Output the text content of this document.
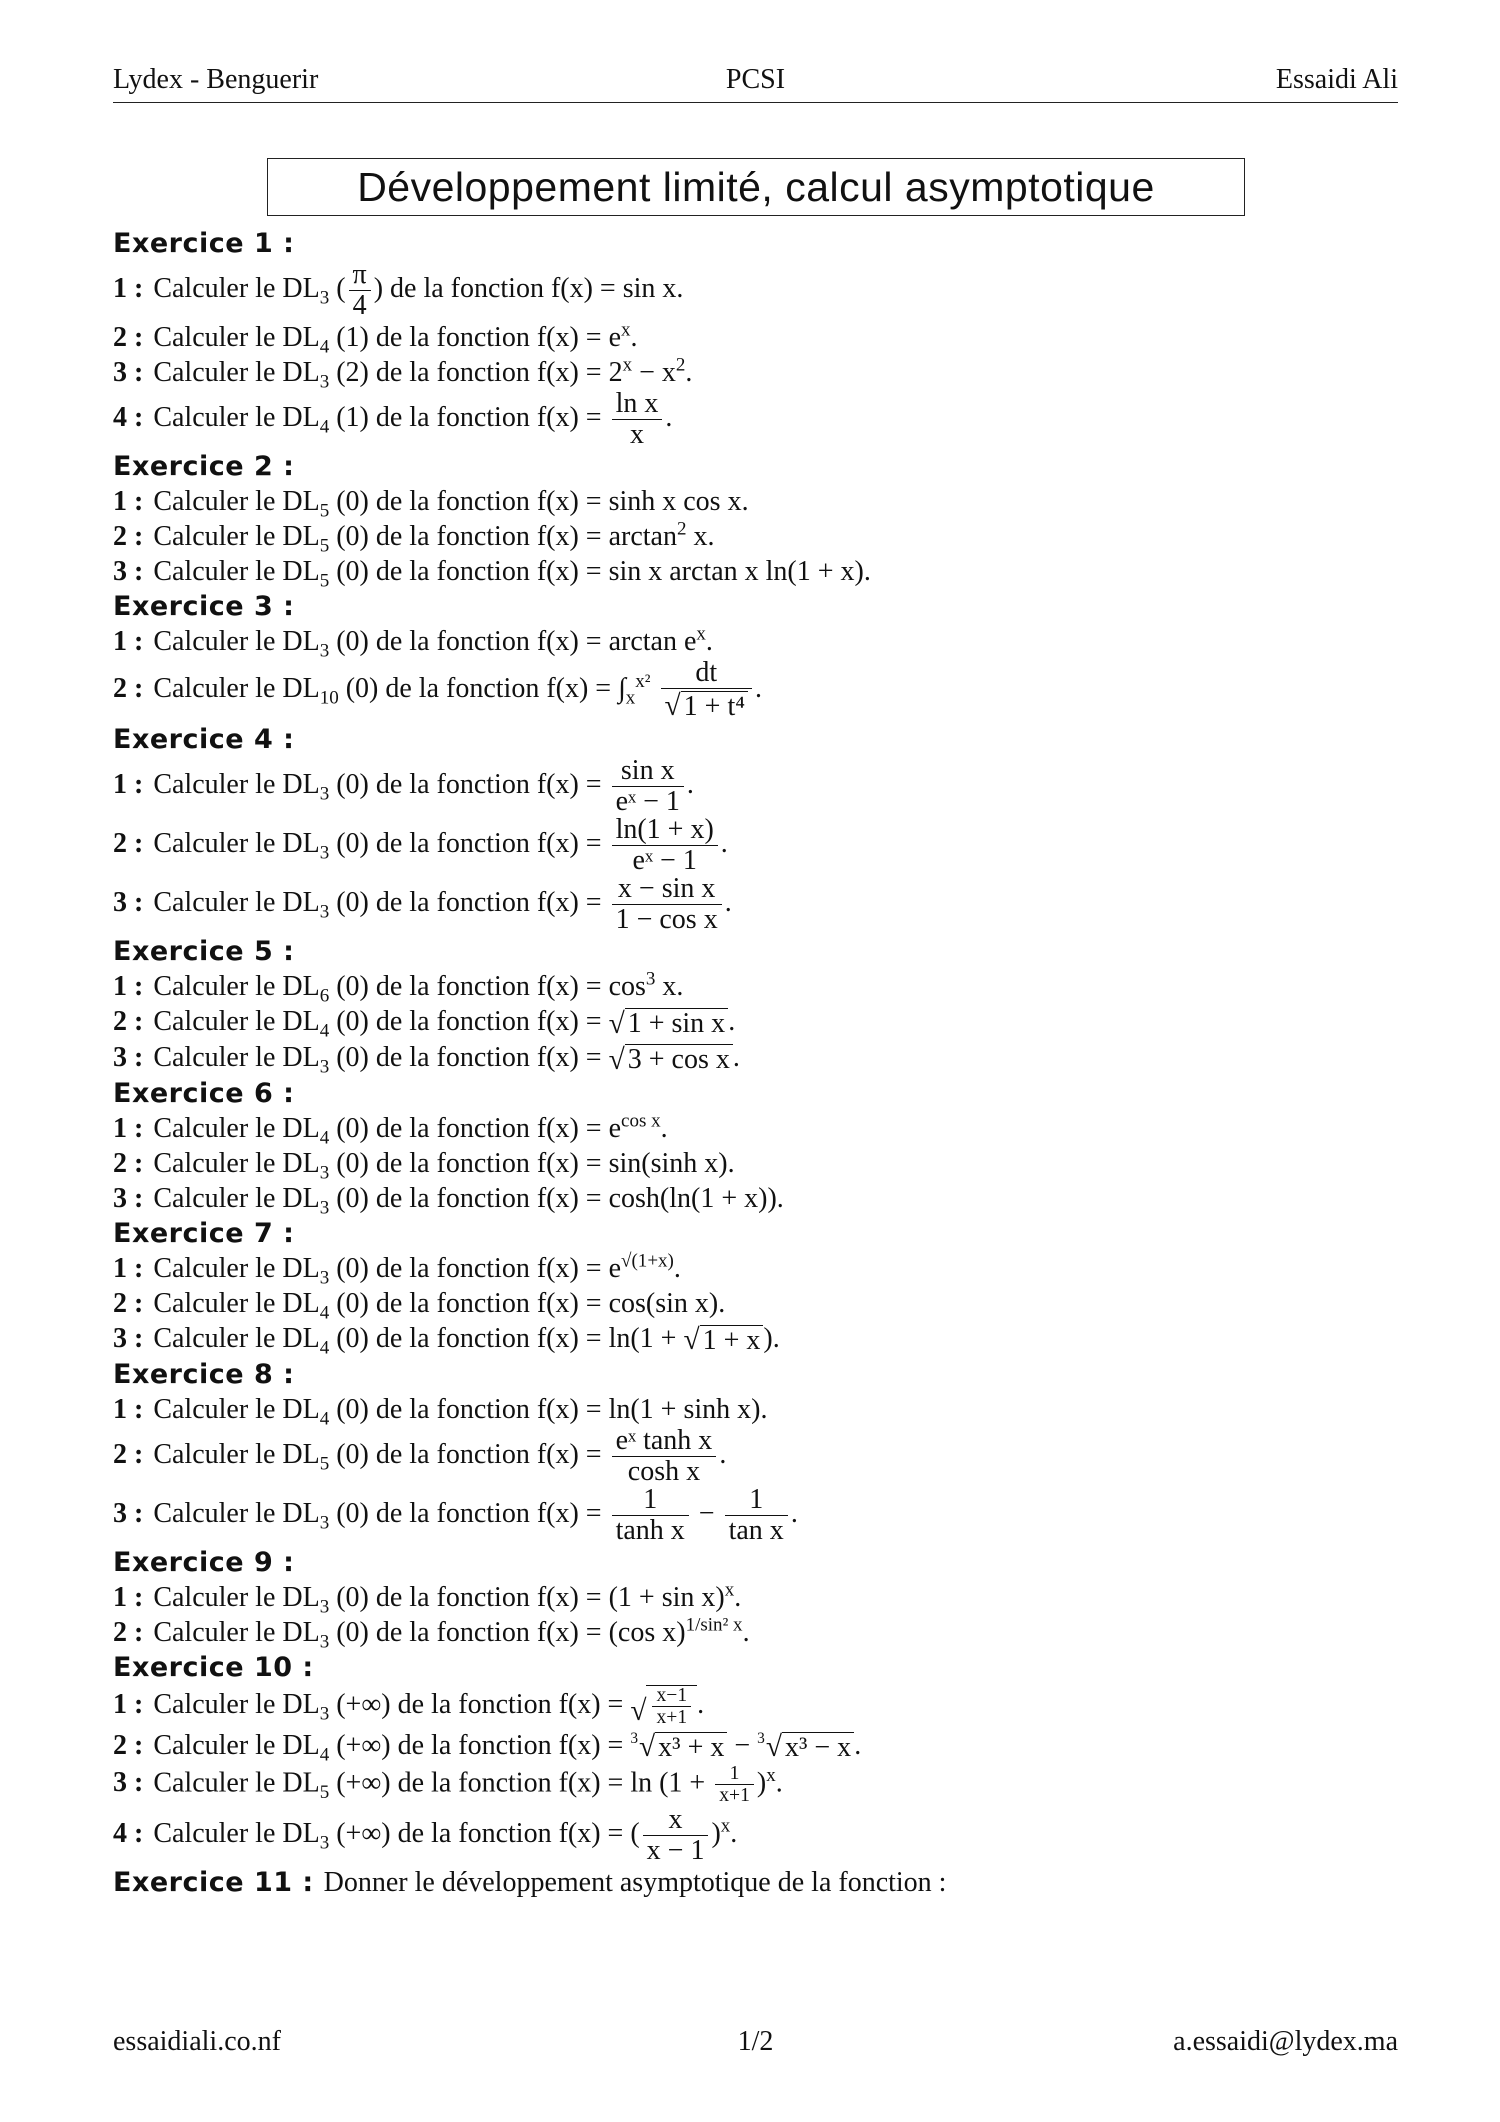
Lydex - Benguerir	PCSI	Essaidi Ali
Développement limité, calcul asymptotique
Exercice 1 :
1 : Calculer le $DL_3$ ( $\frac{\pi}{4}$ ) de la fonction f(x) = sin x.
2 : Calculer le $DL_4$ (1) de la fonction $f(x) = e^x$.
3 : Calculer le $DL_3$ (2) de la fonction $f(x) = 2^x - x^2$.
4 : Calculer le $DL_4$ (1) de la fonction $f(x) = \frac{\text{ln x}}{x}$ .
Exercice 2 :
1 : Calculer le $DL_5$ (0) de la fonction f(x) = sinh x cos x.
2 : Calculer le $DL_5$ (0) de la fonction $f(x) = \arctan^2 x$.
3 : Calculer le $DL_5$ (0) de la fonction f(x) = sin x arctan x ln(1 + x).
Exercice 3 :
1 : Calculer le $DL_3$ (0) de la fonction $f(x) = \arctan e^x$.
2 : Calculer le $DL_{10}$ (0) de la fonction $f(x) = \int_x^{x^2} \frac{dt}{\text{√ 1 + t⁴}}$ .
Exercice 4 :
1 : Calculer le $DL_3$ (0) de la fonction $f(x) = \frac{\text{sin x}}{\text{eˣ − 1}}$ .
2 : Calculer le $DL_3$ (0) de la fonction $f(x) = \frac{\ln(1 + x)}{\text{eˣ − 1}}$ .
3 : Calculer le $DL_3$ (0) de la fonction $f(x) = \frac{\text{x − sin x}}{\text{1 − cos x}}$ .
Exercice 5 :
1 : Calculer le $DL_6$ (0) de la fonction $f(x) = \cos^3 x$.
2 : Calculer le $DL_4$ (0) de la fonction f(x) = √ 1 + sin x .
3 : Calculer le $DL_3$ (0) de la fonction f(x) = √ 3 + cos x .
Exercice 6 :
1 : Calculer le $DL_4$ (0) de la fonction $f(x) = e^{cos x}$.
2 : Calculer le $DL_3$ (0) de la fonction f(x) = sin(sinh x).
3 : Calculer le $DL_3$ (0) de la fonction f(x) = cosh(ln(1 + x)).
Exercice 7 :
1 : Calculer le $DL_3$ (0) de la fonction $f(x) = e^{√(1+x)}$.
2 : Calculer le $DL_4$ (0) de la fonction f(x) = cos(sin x).
3 : Calculer le $DL_4$ (0) de la fonction f(x) = ln(1 + √ 1 + x ).
Exercice 8 :
1 : Calculer le $DL_4$ (0) de la fonction f(x) = ln(1 + sinh x).
2 : Calculer le $DL_5$ (0) de la fonction $f(x) = \frac{\text{eˣ tanh x}}{\text{cosh x}}$ .
3 : Calculer le $DL_3$ (0) de la fonction $f(x) = \frac{1}{\text{tanh x}} - \frac{1}{\text{tan x}}$ .
Exercice 9 :
1 : Calculer le $DL_3$ (0) de la fonction $f(x) = (1 + \sin x)^x$.
2 : Calculer le $DL_3$ (0) de la fonction f(x) = (cos x)$^{1/sin^2 x}$.
Exercice 10 :
1 : Calculer le $DL_3$ (+∞) de la fonction f(x) = √ $\frac{x-1}{x+1}$ .
2 : Calculer le $DL_4$ (+∞) de la fonction f(x) = 3 √ x³ + x − 3 √ x³ − x .
3 : Calculer le $DL_5$ (+∞) de la fonction $f(x) = \ln (1 + \frac{1}{x+1} )^x$.
4 : Calculer le $DL_3$ (+∞) de la fonction f(x) = ( $\frac{x}{x - 1} )^x$.
Exercice 11 : Donner le développement asymptotique de la fonction :
essaidiali.co.nf	1/2	a.essaidi@lydex.ma
